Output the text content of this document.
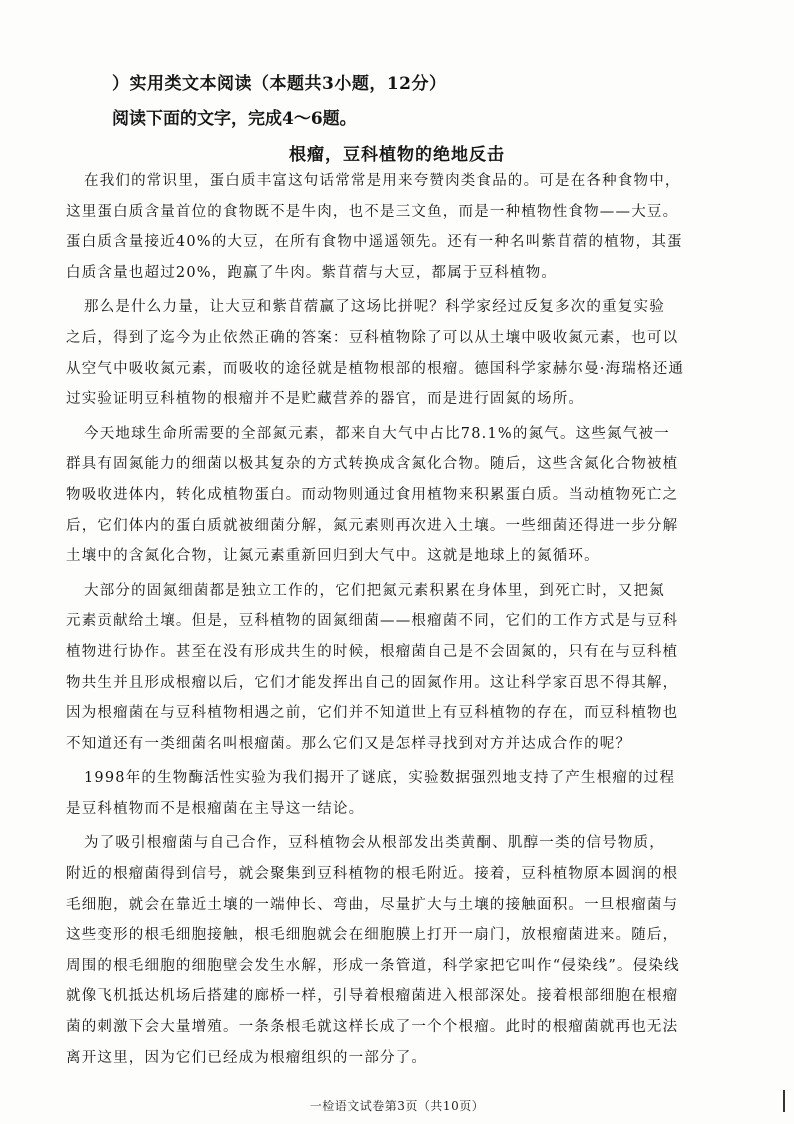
）实用类文本阅读（本题共3小题，12分）
阅读下面的文字，完成4～6题。
根瘤，豆科植物的绝地反击

在我们的常识里，蛋白质丰富这句话常常是用来夸赞肉类食品的。可是在各种食物中，
这里蛋白质含量首位的食物既不是牛肉，也不是三文鱼，而是一种植物性食物——大豆。
蛋白质含量接近40%的大豆，在所有食物中遥遥领先。还有一种名叫紫苜蓿的植物，其蛋
白质含量也超过20%，跑赢了牛肉。紫苜蓿与大豆，都属于豆科植物。

那么是什么力量，让大豆和紫苜蓿赢了这场比拼呢？科学家经过反复多次的重复实验
之后，得到了迄今为止依然正确的答案：豆科植物除了可以从土壤中吸收氮元素，也可以
从空气中吸收氮元素，而吸收的途径就是植物根部的根瘤。德国科学家赫尔曼·海瑞格还通
过实验证明豆科植物的根瘤并不是贮藏营养的器官，而是进行固氮的场所。

今天地球生命所需要的全部氮元素，都来自大气中占比78.1%的氮气。这些氮气被一
群具有固氮能力的细菌以极其复杂的方式转换成含氮化合物。随后，这些含氮化合物被植
物吸收进体内，转化成植物蛋白。而动物则通过食用植物来积累蛋白质。当动植物死亡之
后，它们体内的蛋白质就被细菌分解，氮元素则再次进入土壤。一些细菌还得进一步分解
土壤中的含氮化合物，让氮元素重新回归到大气中。这就是地球上的氮循环。

大部分的固氮细菌都是独立工作的，它们把氮元素积累在身体里，到死亡时，又把氮
元素贡献给土壤。但是，豆科植物的固氮细菌——根瘤菌不同，它们的工作方式是与豆科
植物进行协作。甚至在没有形成共生的时候，根瘤菌自己是不会固氮的，只有在与豆科植
物共生并且形成根瘤以后，它们才能发挥出自己的固氮作用。这让科学家百思不得其解，
因为根瘤菌在与豆科植物相遇之前，它们并不知道世上有豆科植物的存在，而豆科植物也
不知道还有一类细菌名叫根瘤菌。那么它们又是怎样寻找到对方并达成合作的呢？

1998年的生物酶活性实验为我们揭开了谜底，实验数据强烈地支持了产生根瘤的过程
是豆科植物而不是根瘤菌在主导这一结论。

为了吸引根瘤菌与自己合作，豆科植物会从根部发出类黄酮、肌醇一类的信号物质，
附近的根瘤菌得到信号，就会聚集到豆科植物的根毛附近。接着，豆科植物原本圆润的根
毛细胞，就会在靠近土壤的一端伸长、弯曲，尽量扩大与土壤的接触面积。一旦根瘤菌与
这些变形的根毛细胞接触，根毛细胞就会在细胞膜上打开一扇门，放根瘤菌进来。随后，
周围的根毛细胞的细胞壁会发生水解，形成一条管道，科学家把它叫作“侵染线”。侵染线
就像飞机抵达机场后搭建的廊桥一样，引导着根瘤菌进入根部深处。接着根部细胞在根瘤
菌的刺激下会大量增殖。一条条根毛就这样长成了一个个根瘤。此时的根瘤菌就再也无法
离开这里，因为它们已经成为根瘤组织的一部分了。

一检语文试卷第3页（共10页）
